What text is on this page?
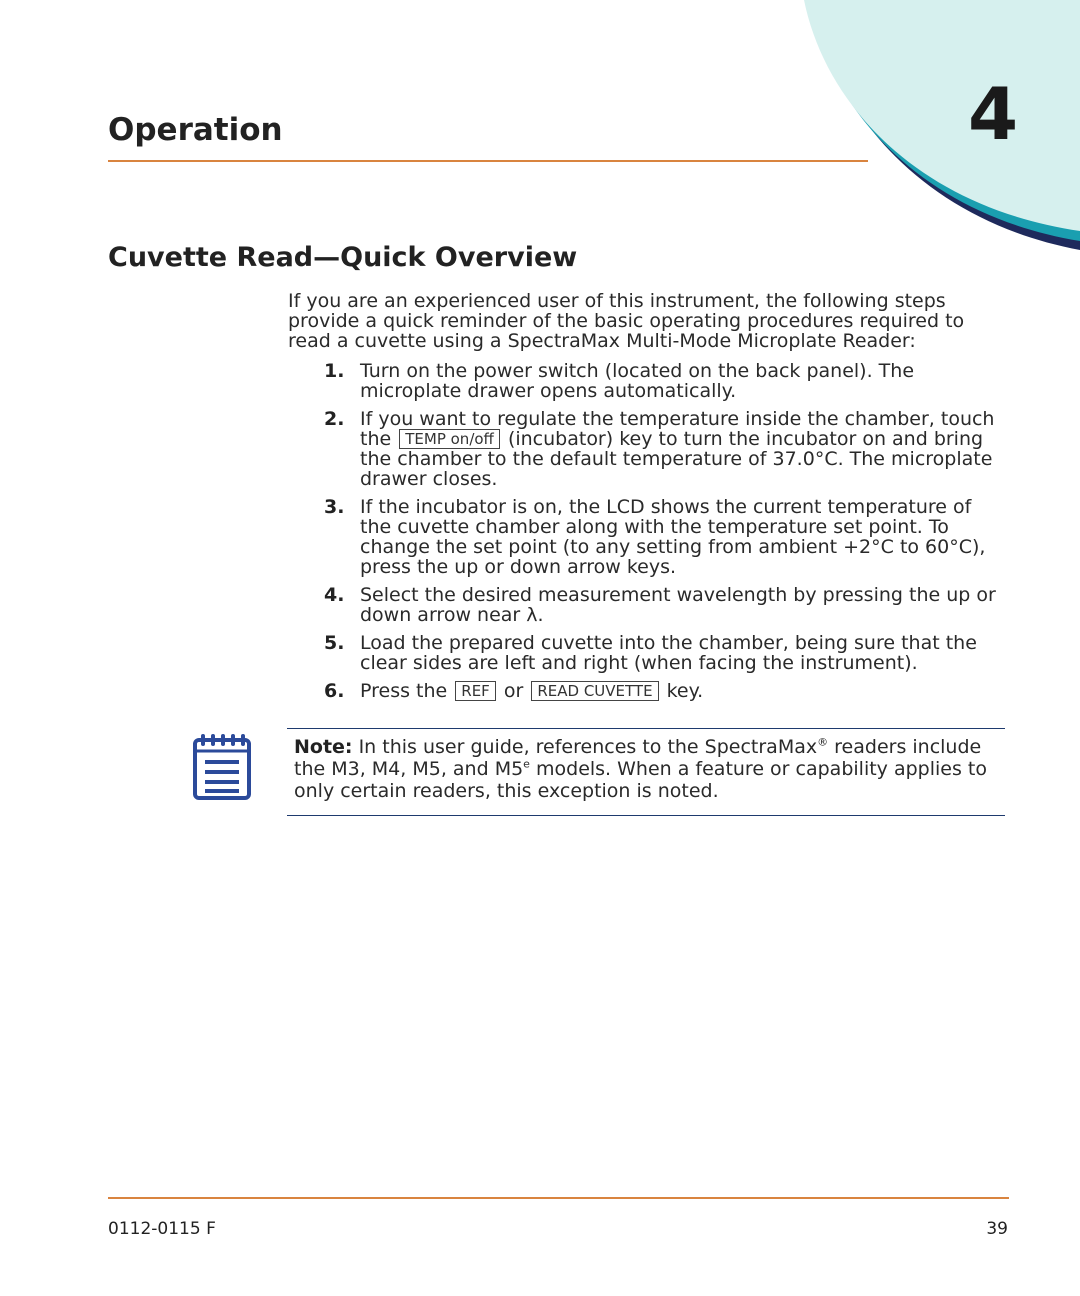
Operation	4
Cuvette Read—Quick Overview

If you are an experienced user of this instrument, the following steps provide a quick reminder of the basic operating procedures required to read a cuvette using a SpectraMax Multi-Mode Microplate Reader:

1. Turn on the power switch (located on the back panel). The microplate drawer opens automatically.
2. If you want to regulate the temperature inside the chamber, touch the TEMP on/off (incubator) key to turn the incubator on and bring the chamber to the default temperature of 37.0°C. The microplate drawer closes.
3. If the incubator is on, the LCD shows the current temperature of the cuvette chamber along with the temperature set point. To change the set point (to any setting from ambient +2°C to 60°C), press the up or down arrow keys.
4. Select the desired measurement wavelength by pressing the up or down arrow near λ.
5. Load the prepared cuvette into the chamber, being sure that the clear sides are left and right (when facing the instrument).
6. Press the REF or READ CUVETTE key.
Note: In this user guide, references to the SpectraMax® readers include the M3, M4, M5, and M5e models. When a feature or capability applies to only certain readers, this exception is noted.
0112-0115 F	39
